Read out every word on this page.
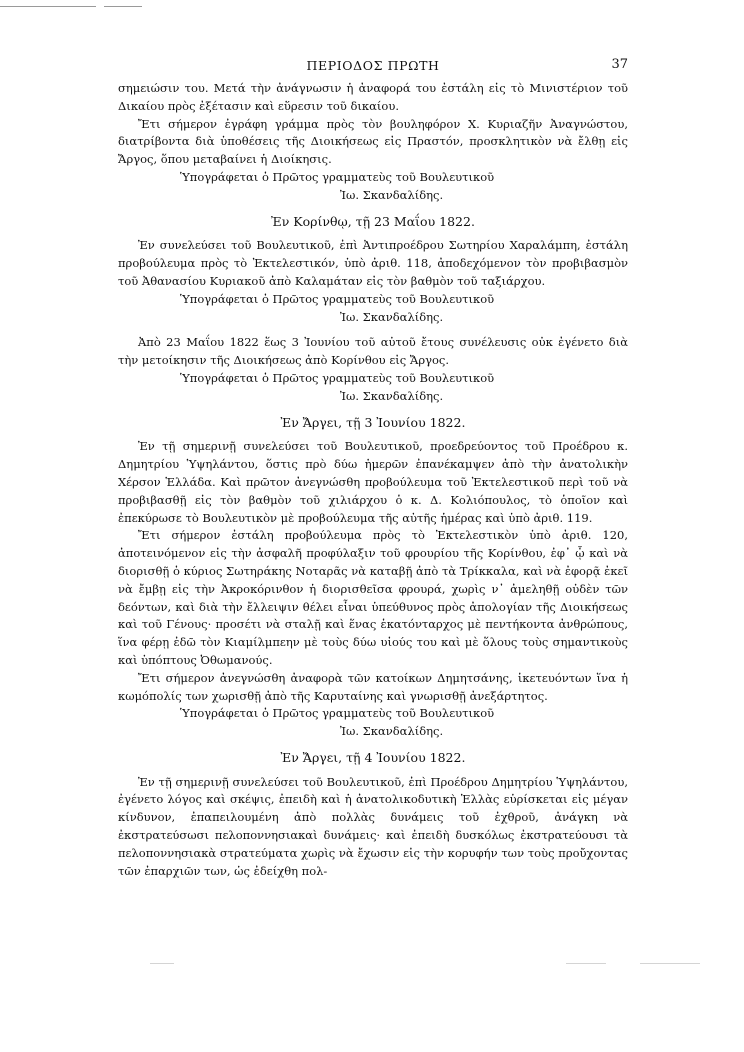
ΠΕΡΙΟΔΟΣ ΠΡΩΤΗ	37

σημειώσιν του. Μετά τὴν ἀνάγνωσιν ἡ ἀναφορά του ἐστάλη εἰς τὸ Μινιστέριον τοῦ Δικαίου πρὸς ἐξέτασιν καὶ εὕρεσιν τοῦ δικαίου.

Ἔτι σήμερον ἐγράφη γράμμα πρὸς τὸν βουληφόρον Χ. Κυριαζῆν Ἀναγνώστου, διατρίβοντα διὰ ὑποθέσεις τῆς Διοικήσεως εἰς Πραστόν, προσκλητικὸν νὰ ἔλθῃ εἰς Ἄργος, ὅπου μεταβαίνει ἡ Διοίκησις.

Ὑπογράφεται ὁ Πρῶτος γραμματεὺς τοῦ Βουλευτικοῦ

Ἰω. Σκανδαλίδης.

Ἐν Κορίνθῳ, τῇ 23 Μαΐου 1822.

Ἐν συνελεύσει τοῦ Βουλευτικοῦ, ἐπὶ Ἀντιπροέδρου Σωτηρίου Χαραλάμπη, ἐστάλη προβούλευμα πρὸς τὸ Ἐκτελεστικόν, ὑπὸ ἀριθ. 118, ἀποδεχόμενον τὸν προβιβασμὸν τοῦ Ἀθανασίου Κυριακοῦ ἀπὸ Καλαμάταν εἰς τὸν βαθμὸν τοῦ ταξιάρχου.

Ὑπογράφεται ὁ Πρῶτος γραμματεὺς τοῦ Βουλευτικοῦ

Ἰω. Σκανδαλίδης.

Ἀπὸ 23 Μαΐου 1822 ἕως 3 Ἰουνίου τοῦ αὐτοῦ ἔτους συνέλευσις οὐκ ἐγένετο διὰ τὴν μετοίκησιν τῆς Διοικήσεως ἀπὸ Κορίνθου εἰς Ἄργος.

Ὑπογράφεται ὁ Πρῶτος γραμματεὺς τοῦ Βουλευτικοῦ

Ἰω. Σκανδαλίδης.

Ἐν Ἄργει, τῇ 3 Ἰουνίου 1822.

Ἐν τῇ σημερινῇ συνελεύσει τοῦ Βουλευτικοῦ, προεδρεύοντος τοῦ Προέδρου κ. Δημητρίου Ὑψηλάντου, ὅστις πρὸ δύω ἡμερῶν ἐπανέκαμψεν ἀπὸ τὴν ἀνατολικὴν Χέρσον Ἑλλάδα. Καὶ πρῶτον ἀνεγνώσθη προβούλευμα τοῦ Ἐκτελεστικοῦ περὶ τοῦ νὰ προβιβασθῇ εἰς τὸν βαθμὸν τοῦ χιλιάρχου ὁ κ. Δ. Κολιόπουλος, τὸ ὁποῖον καὶ ἐπεκύρωσε τὸ Βουλευτικὸν μὲ προβούλευμα τῆς αὐτῆς ἡμέρας καὶ ὑπὸ ἀριθ. 119.

Ἔτι σήμερον ἐστάλη προβούλευμα πρὸς τὸ Ἐκτελεστικὸν ὑπὸ ἀριθ. 120, ἀποτεινόμενον εἰς τὴν ἀσφαλῆ προφύλαξιν τοῦ φρουρίου τῆς Κορίνθου, ἐφ᾽ ᾧ καὶ νὰ διορισθῇ ὁ κύριος Σωτηράκης Νοταρᾶς νὰ καταβῇ ἀπὸ τὰ Τρίκκαλα, καὶ νὰ ἐφορᾷ ἐκεῖ νὰ ἔμβῃ εἰς τὴν Ἀκροκόρινθον ἡ διορισθεῖσα φρουρά, χωρὶς ν᾽ ἀμεληθῇ οὐδὲν τῶν δεόντων, καὶ διὰ τὴν ἔλλειψιν θέλει εἶναι ὑπεύθυνος πρὸς ἀπολογίαν τῆς Διοικήσεως καὶ τοῦ Γένους· προσέτι νὰ σταλῇ καὶ ἕνας ἑκατόνταρχος μὲ πεντήκοντα ἀνθρώπους, ἵνα φέρῃ ἐδῶ τὸν Κιαμίλμπεην μὲ τοὺς δύω υἱούς του καὶ μὲ ὅλους τοὺς σημαντικοὺς καὶ ὑπόπτους Ὀθωμανούς.

Ἔτι σήμερον ἀνεγνώσθη ἀναφορὰ τῶν κατοίκων Δημητσάνης, ἱκετευόντων ἵνα ἡ κωμόπολίς των χωρισθῇ ἀπὸ τῆς Καρυταίνης καὶ γνωρισθῇ ἀνεξάρτητος.

Ὑπογράφεται ὁ Πρῶτος γραμματεὺς τοῦ Βουλευτικοῦ

Ἰω. Σκανδαλίδης.

Ἐν Ἄργει, τῇ 4 Ἰουνίου 1822.

Ἐν τῇ σημερινῇ συνελεύσει τοῦ Βουλευτικοῦ, ἐπὶ Προέδρου Δημητρίου Ὑψηλάντου, ἐγένετο λόγος καὶ σκέψις, ἐπειδὴ καὶ ἡ ἀνατολικοδυτικὴ Ἑλλὰς εὑρίσκεται εἰς μέγαν κίνδυνον, ἐπαπειλουμένη ἀπὸ πολλὰς δυνάμεις τοῦ ἐχθροῦ, ἀνάγκη νὰ ἐκστρατεύσωσι πελοποννησιακαὶ δυνάμεις· καὶ ἐπειδὴ δυσκόλως ἐκστρατεύουσι τὰ πελοποννησιακὰ στρατεύματα χωρὶς νὰ ἔχωσιν εἰς τὴν κορυφήν των τοὺς προὔχοντας τῶν ἐπαρχιῶν των, ὡς ἐδείχθη πολ-
